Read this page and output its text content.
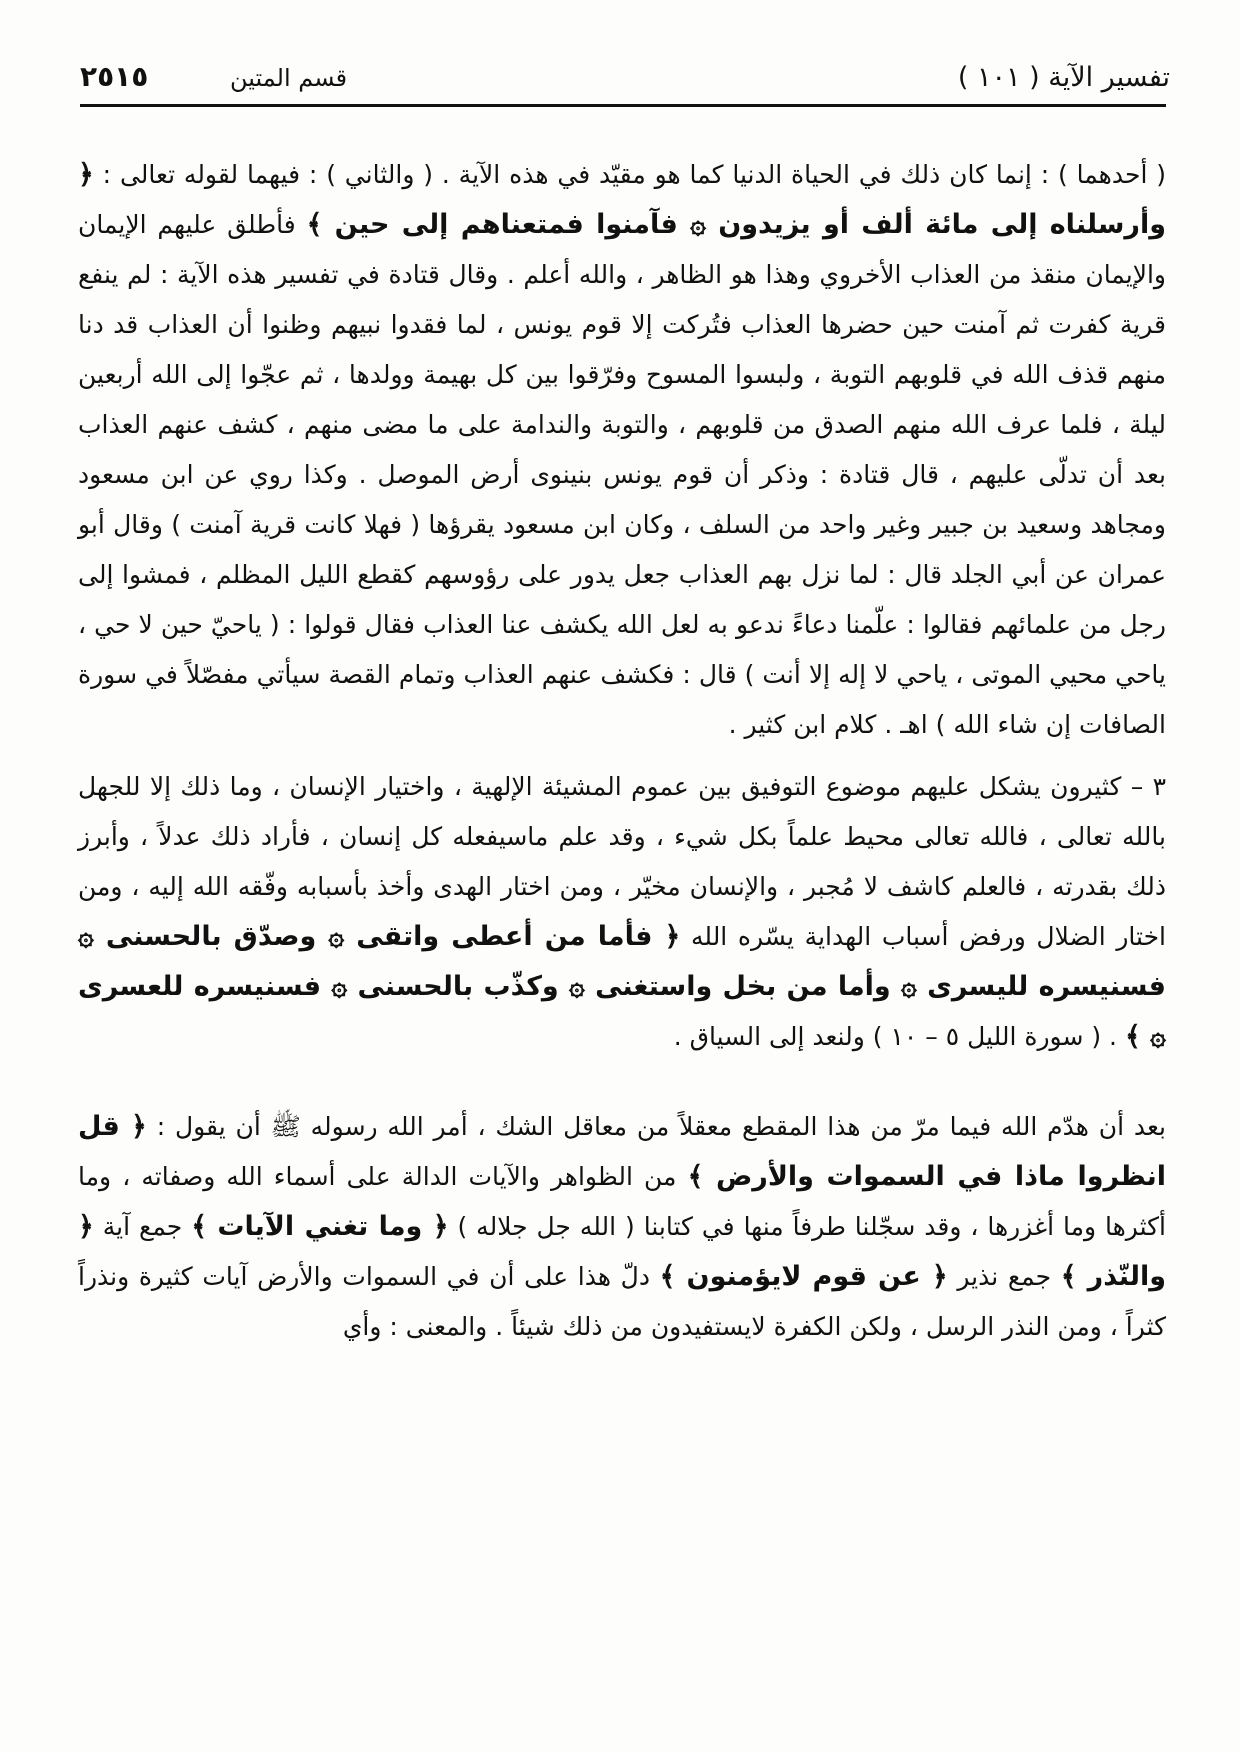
تفسير الآية ( ١٠١ )
قسم المتين
٢٥١٥

( أحدهما ) : إنما كان ذلك في الحياة الدنيا كما هو مقيّد في هذه الآية . ( والثاني ) : فيهما لقوله تعالى : ﴿ وأرسلناه إلى مائة ألف أو يزيدون ۞ فآمنوا فمتعناهم إلى حين ﴾ فأطلق عليهم الإيمان والإيمان منقذ من العذاب الأخروي وهذا هو الظاهر ، والله أعلم . وقال قتادة في تفسير هذه الآية : لم ينفع قرية كفرت ثم آمنت حين حضرها العذاب فتُركت إلا قوم يونس ، لما فقدوا نبيهم وظنوا أن العذاب قد دنا منهم قذف الله في قلوبهم التوبة ، ولبسوا المسوح وفرّقوا بين كل بهيمة وولدها ، ثم عجّوا إلى الله أربعين ليلة ، فلما عرف الله منهم الصدق من قلوبهم ، والتوبة والندامة على ما مضى منهم ، كشف عنهم العذاب بعد أن تدلّى عليهم ، قال قتادة : وذكر أن قوم يونس بنينوى أرض الموصل . وكذا روي عن ابن مسعود ومجاهد وسعيد بن جبير وغير واحد من السلف ، وكان ابن مسعود يقرؤها ( فهلا كانت قرية آمنت ) وقال أبو عمران عن أبي الجلد قال : لما نزل بهم العذاب جعل يدور على رؤوسهم كقطع الليل المظلم ، فمشوا إلى رجل من علمائهم فقالوا : علّمنا دعاءً ندعو به لعل الله يكشف عنا العذاب فقال قولوا : ( ياحيّ حين لا حي ، ياحي محيي الموتى ، ياحي لا إله إلا أنت ) قال : فكشف عنهم العذاب وتمام القصة سيأتي مفصّلاً في سورة الصافات إن شاء الله ) اهـ . كلام ابن كثير .

٣ – كثيرون يشكل عليهم موضوع التوفيق بين عموم المشيئة الإلهية ، واختيار الإنسان ، وما ذلك إلا للجهل بالله تعالى ، فالله تعالى محيط علماً بكل شيء ، وقد علم ماسيفعله كل إنسان ، فأراد ذلك عدلاً ، وأبرز ذلك بقدرته ، فالعلم كاشف لا مُجبر ، والإنسان مخيّر ، ومن اختار الهدى وأخذ بأسبابه وفّقه الله إليه ، ومن اختار الضلال ورفض أسباب الهداية يسّره الله ﴿ فأما من أعطى واتقى ۞ وصدّق بالحسنى ۞ فسنيسره لليسرى ۞ وأما من بخل واستغنى ۞ وكذّب بالحسنى ۞ فسنيسره للعسرى ۞ ﴾ . ( سورة الليل ٥ – ١٠ ) ولنعد إلى السياق .

بعد أن هدّم الله فيما مرّ من هذا المقطع معقلاً من معاقل الشك ، أمر الله رسوله ﷺ أن يقول : ﴿ قل انظروا ماذا في السموات والأرض ﴾ من الظواهر والآيات الدالة على أسماء الله وصفاته ، وما أكثرها وما أغزرها ، وقد سجّلنا طرفاً منها في كتابنا ( الله جل جلاله ) ﴿ وما تغني الآيات ﴾ جمع آية ﴿ والنّذر ﴾ جمع نذير ﴿ عن قوم لايؤمنون ﴾ دلّ هذا على أن في السموات والأرض آيات كثيرة ونذراً كثراً ، ومن النذر الرسل ، ولكن الكفرة لايستفيدون من ذلك شيئاً . والمعنى : وأي
